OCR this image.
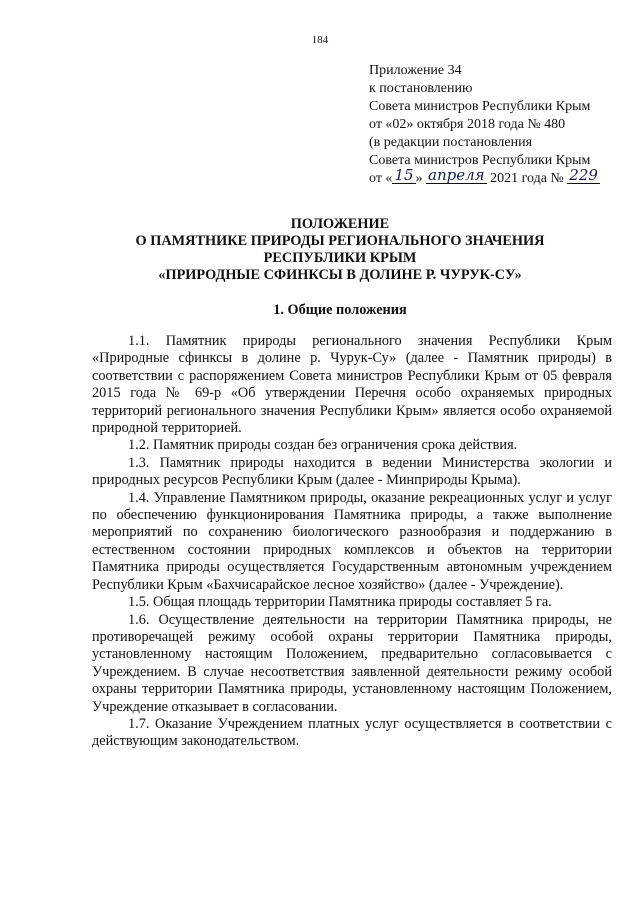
184
Приложение 34
к постановлению
Совета министров Республики Крым
от «02» октября 2018 года № 480
(в редакции постановления
Совета министров Республики Крым
от « 15 » апреля 2021 года № 229
ПОЛОЖЕНИЕ
О ПАМЯТНИКЕ ПРИРОДЫ РЕГИОНАЛЬНОГО ЗНАЧЕНИЯ
РЕСПУБЛИКИ КРЫМ
«ПРИРОДНЫЕ СФИНКСЫ В ДОЛИНЕ Р. ЧУРУК-СУ»
1. Общие положения

1.1. Памятник природы регионального значения Республики Крым «Природные сфинксы в долине р. Чурук-Су» (далее - Памятник природы) в соответствии с распоряжением Совета министров Республики Крым от 05 февраля 2015 года № 69-р «Об утверждении Перечня особо охраняемых природных территорий регионального значения Республики Крым» является особо охраняемой природной территорией.

1.2. Памятник природы создан без ограничения срока действия.

1.3. Памятник природы находится в ведении Министерства экологии и природных ресурсов Республики Крым (далее - Минприроды Крыма).

1.4. Управление Памятником природы, оказание рекреационных услуг и услуг по обеспечению функционирования Памятника природы, а также выполнение мероприятий по сохранению биологического разнообразия и поддержанию в естественном состоянии природных комплексов и объектов на территории Памятника природы осуществляется Государственным автономным учреждением Республики Крым «Бахчисарайское лесное хозяйство» (далее - Учреждение).

1.5. Общая площадь территории Памятника природы составляет 5 га.

1.6. Осуществление деятельности на территории Памятника природы, не противоречащей режиму особой охраны территории Памятника природы, установленному настоящим Положением, предварительно согласовывается с Учреждением. В случае несоответствия заявленной деятельности режиму особой охраны территории Памятника природы, установленному настоящим Положением, Учреждение отказывает в согласовании.

1.7. Оказание Учреждением платных услуг осуществляется в соответствии с действующим законодательством.
